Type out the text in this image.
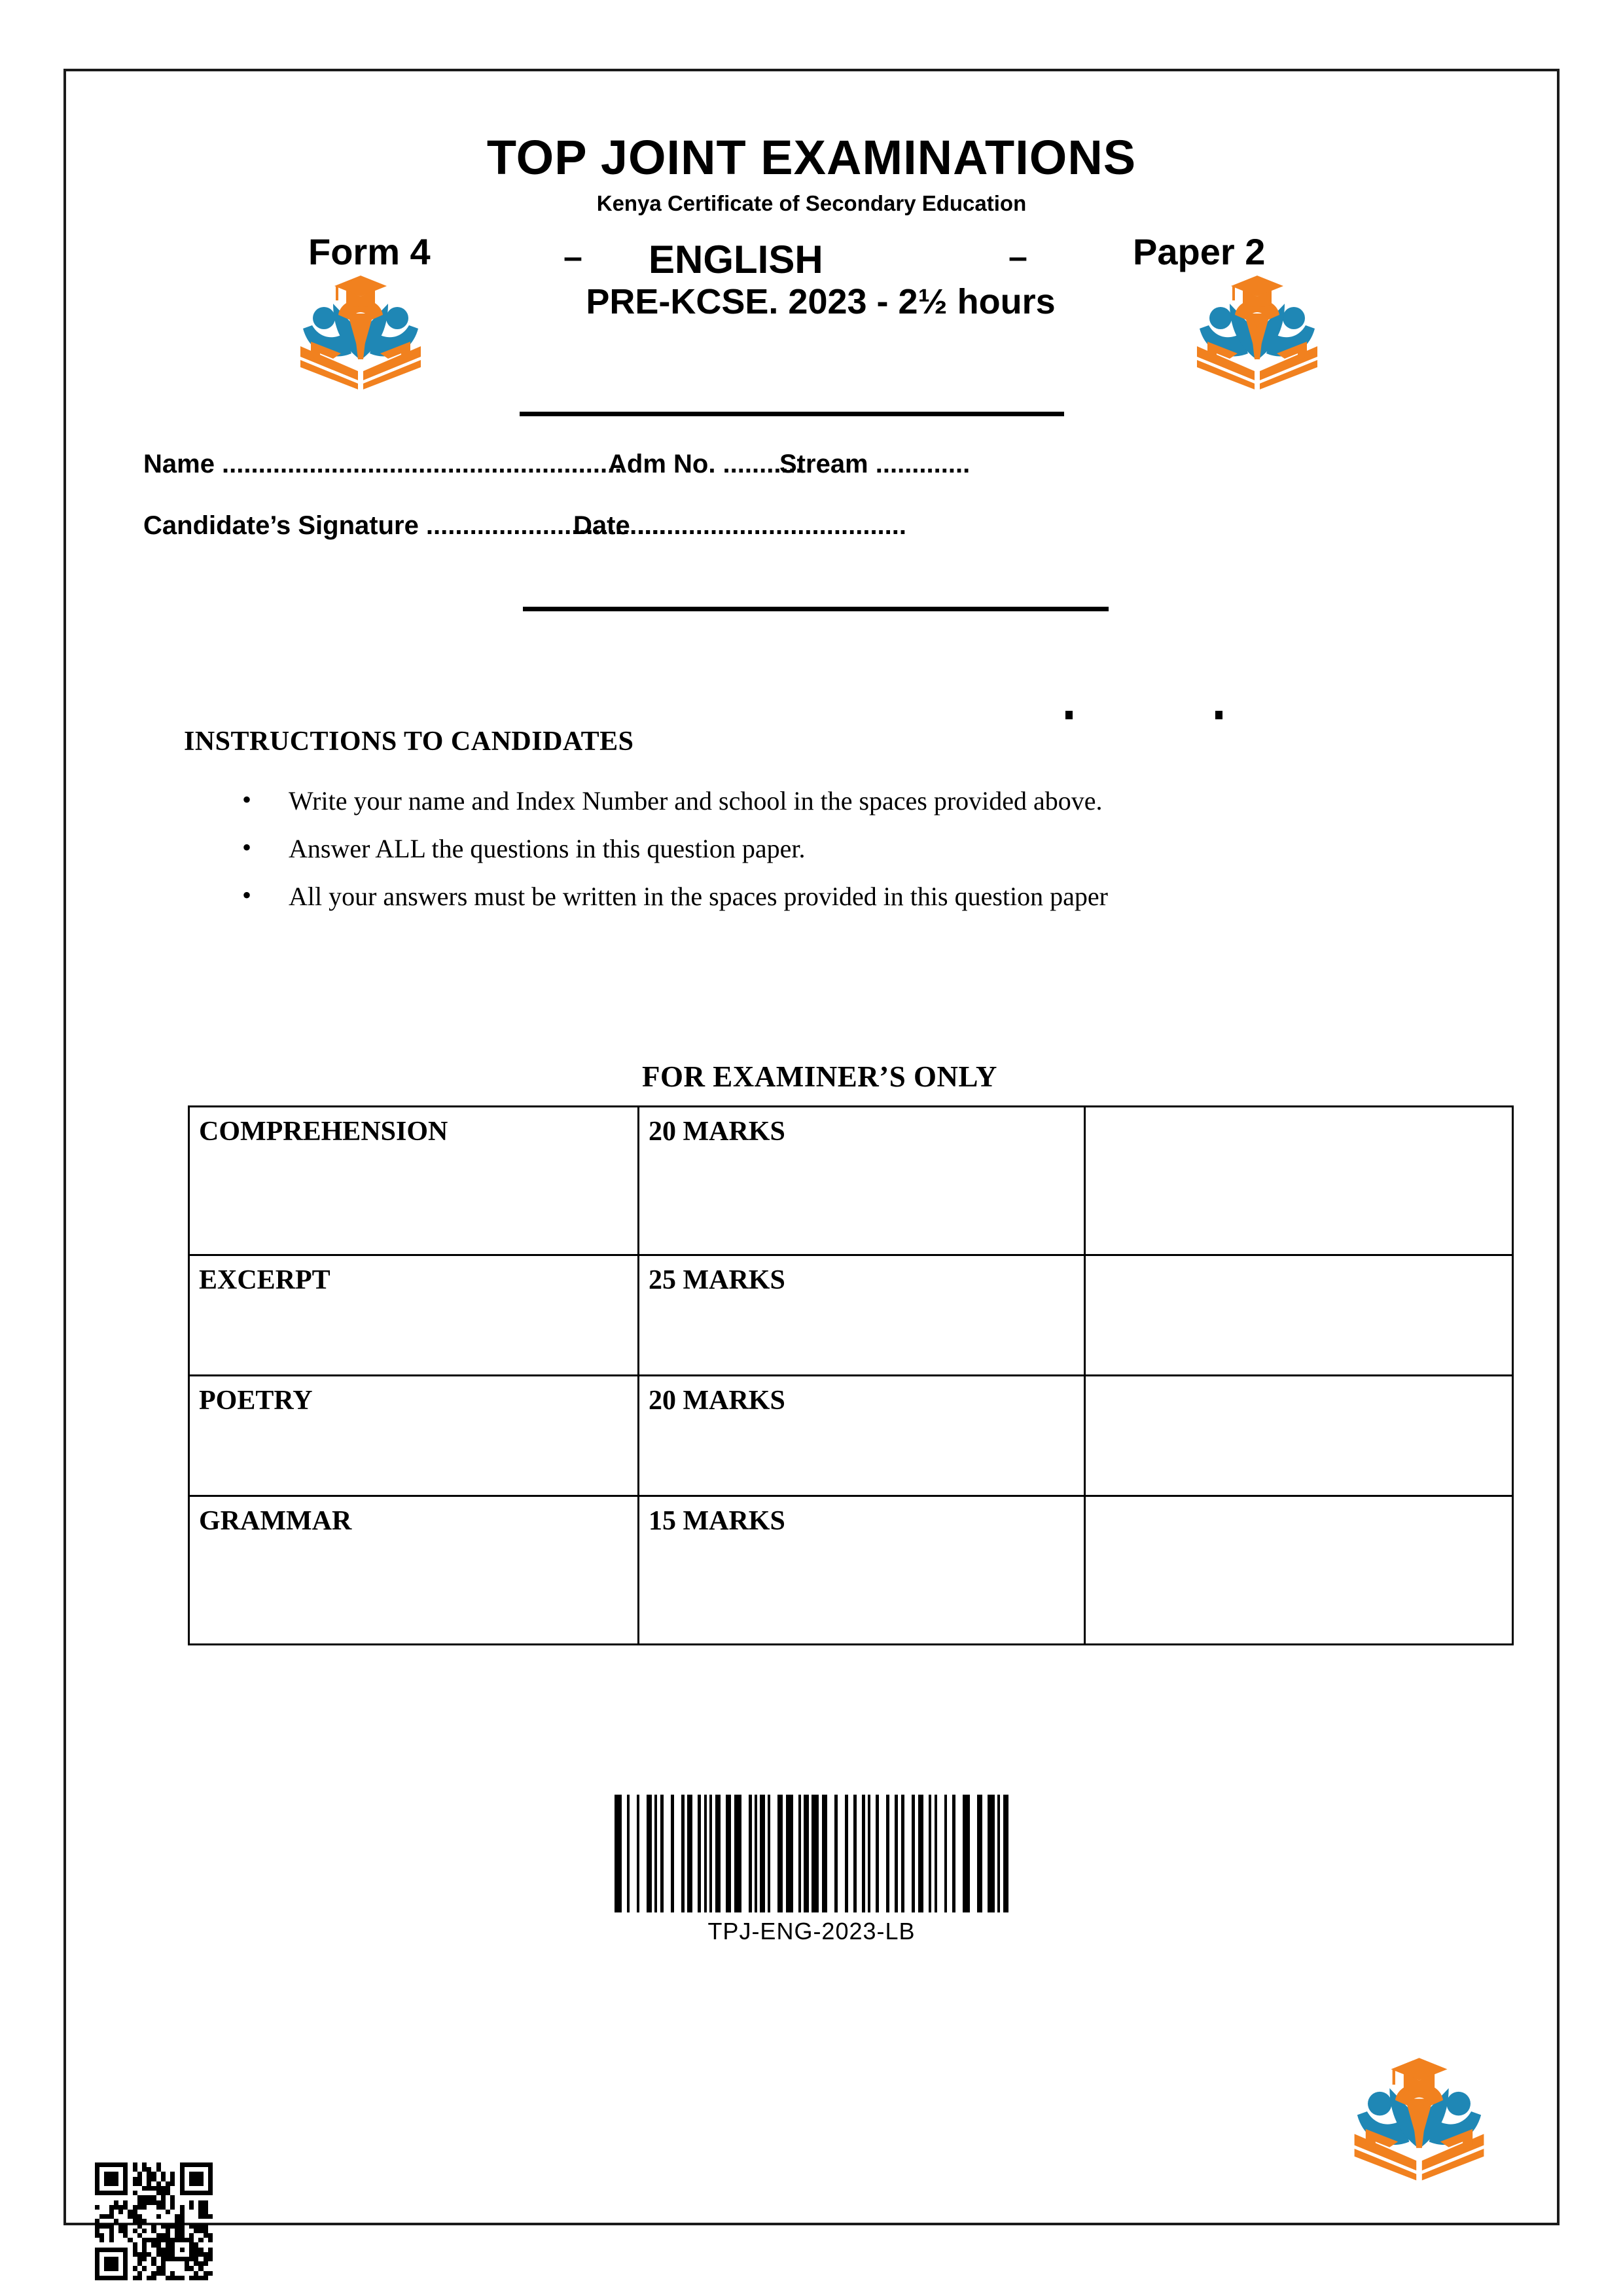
TOP JOINT EXAMINATIONS
Kenya Certificate of Secondary Education
Form 4	– ENGLISH	–	Paper 2
PRE-KCSE. 2023 - 2½ hours
Name .......................................................
Adm No. ...........
Stream .............
Candidate’s Signature .................................
Date .....................................
INSTRUCTIONS TO CANDIDATES
• Write your name and Index Number and school in the spaces provided above.
• Answer ALL the questions in this question paper.
• All your answers must be written in the spaces provided in this question paper
FOR EXAMINER’S ONLY
COMPREHENSION	20 MARKS	
EXCERPT	25 MARKS	
POETRY	20 MARKS	
GRAMMAR	15 MARKS	
TPJ-ENG-2023-LB
